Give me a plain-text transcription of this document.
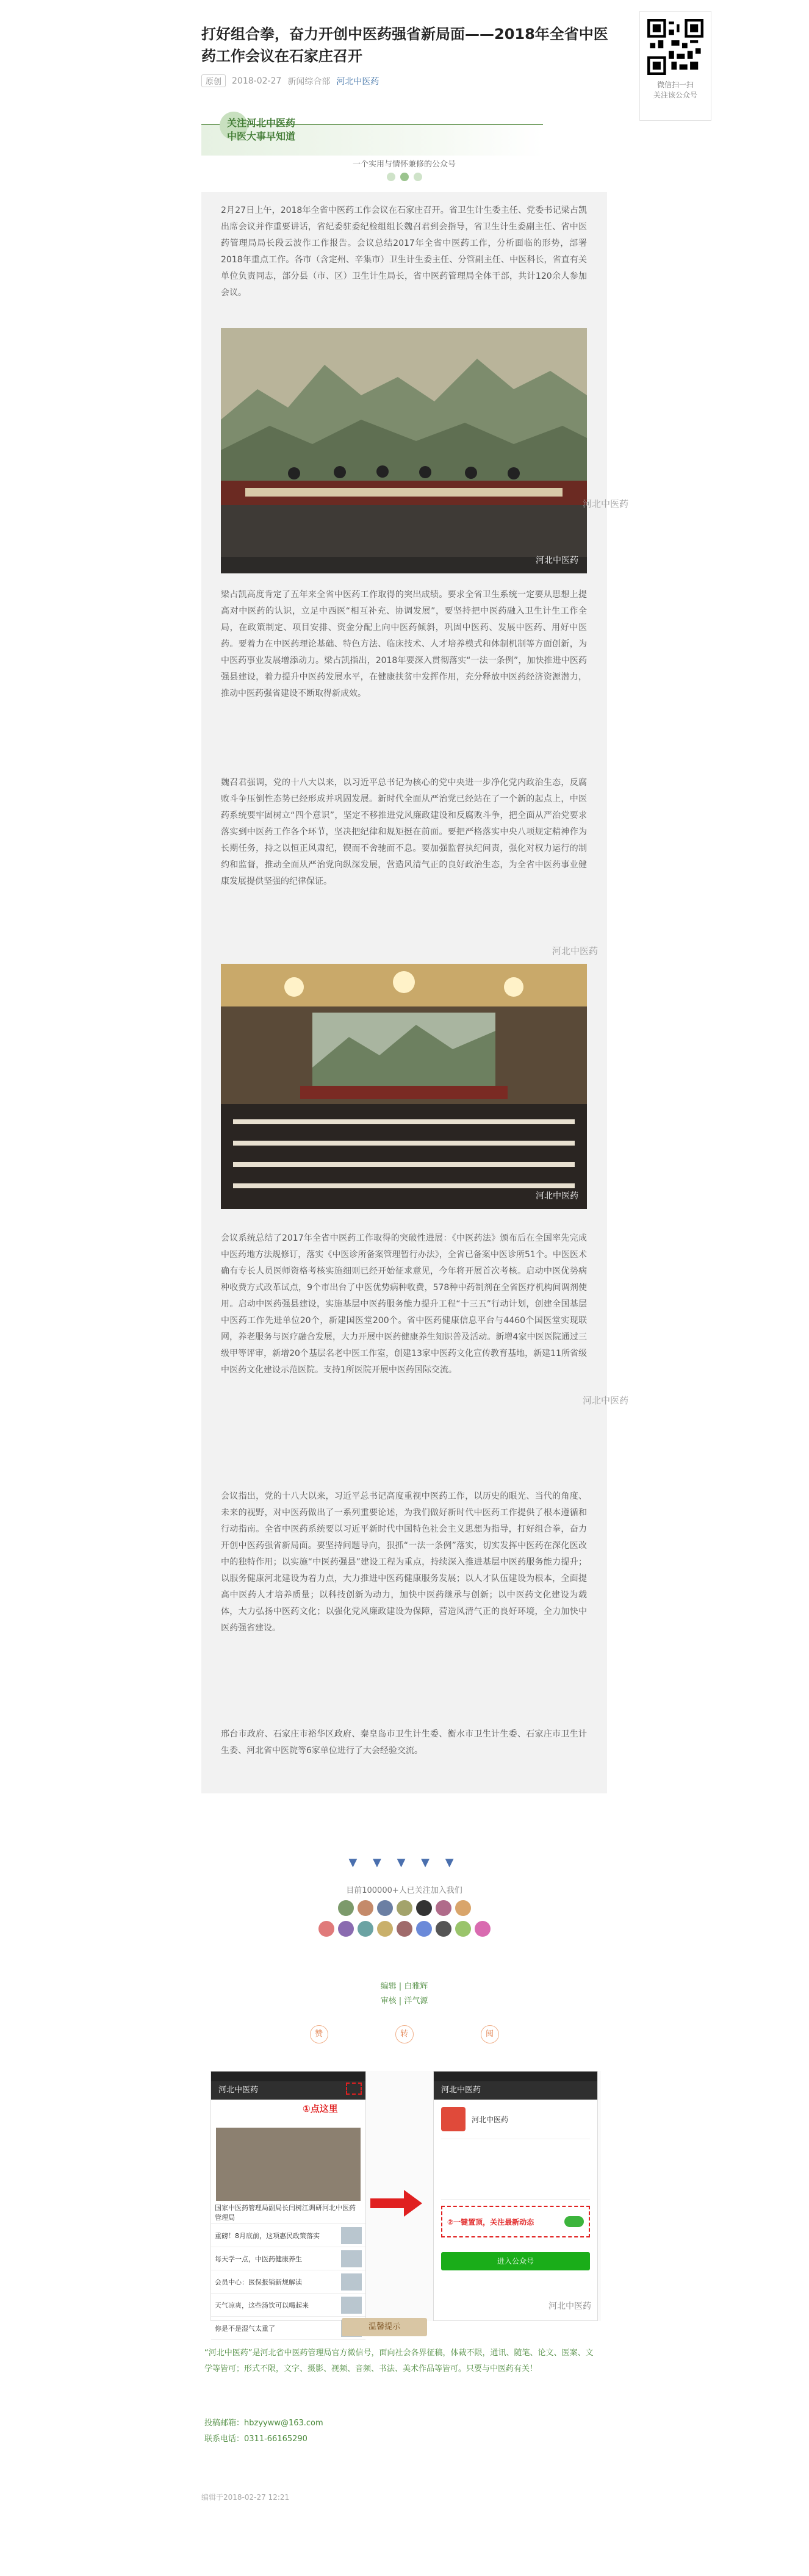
打好组合拳，奋力开创中医药强省新局面——2018年全省中医药工作会议在石家庄召开
原创	2018-02-27 新闻综合部 河北中医药	微信扫一扫
关注该公众号
关注河北中医药
中医大事早知道
一个实用与情怀兼修的公众号

2月27日上午，2018年全省中医药工作会议在石家庄召开。省卫生计生委主任、党委书记梁占凯出席会议并作重要讲话，省纪委驻委纪检组组长魏召君到会指导，省卫生计生委副主任、省中医药管理局局长段云波作工作报告。会议总结2017年全省中医药工作，分析面临的形势，部署2018年重点工作。各市（含定州、辛集市）卫生计生委主任、分管副主任、中医科长，省直有关单位负责同志，部分县（市、区）卫生计生局长，省中医药管理局全体干部，共计120余人参加会议。

河北中医药
河北中医药

梁占凯高度肯定了五年来全省中医药工作取得的突出成绩。要求全省卫生系统一定要从思想上提高对中医药的认识，立足中西医“相互补充、协调发展”，要坚持把中医药融入卫生计生工作全局，在政策制定、项目安排、资金分配上向中医药倾斜，巩固中医药、发展中医药、用好中医药。要着力在中医药理论基础、特色方法、临床技术、人才培养模式和体制机制等方面创新，为中医药事业发展增添动力。梁占凯指出，2018年要深入贯彻落实“一法一条例”，加快推进中医药强县建设，着力提升中医药发展水平，在健康扶贫中发挥作用，充分释放中医药经济资源潜力，推动中医药强省建设不断取得新成效。

魏召君强调，党的十八大以来，以习近平总书记为核心的党中央进一步净化党内政治生态，反腐败斗争压倒性态势已经形成并巩固发展。新时代全面从严治党已经站在了一个新的起点上，中医药系统要牢固树立“四个意识”，坚定不移推进党风廉政建设和反腐败斗争，把全面从严治党要求落实到中医药工作各个环节，坚决把纪律和规矩挺在前面。要把严格落实中央八项规定精神作为长期任务，持之以恒正风肃纪，锲而不舍驰而不息。要加强监督执纪问责，强化对权力运行的制约和监督，推动全面从严治党向纵深发展，营造风清气正的良好政治生态，为全省中医药事业健康发展提供坚强的纪律保证。

河北中医药
河北中医药

会议系统总结了2017年全省中医药工作取得的突破性进展：《中医药法》颁布后在全国率先完成中医药地方法规修订，落实《中医诊所备案管理暂行办法》，全省已备案中医诊所51个。中医医术确有专长人员医师资格考核实施细则已经开始征求意见，今年将开展首次考核。启动中医优势病种收费方式改革试点，9个市出台了中医优势病种收费，578种中药制剂在全省医疗机构间调剂使用。启动中医药强县建设，实施基层中医药服务能力提升工程“十三五”行动计划，创建全国基层中医药工作先进单位20个，新建国医堂200个。省中医药健康信息平台与4460个国医堂实现联网，养老服务与医疗融合发展，大力开展中医药健康养生知识普及活动。新增4家中医医院通过三级甲等评审，新增20个基层名老中医工作室，创建13家中医药文化宣传教育基地，新建11所省级中医药文化建设示范医院。支持1所医院开展中医药国际交流。

河北中医药

会议指出，党的十八大以来，习近平总书记高度重视中医药工作，以历史的眼光、当代的角度、未来的视野，对中医药做出了一系列重要论述，为我们做好新时代中医药工作提供了根本遵循和行动指南。全省中医药系统要以习近平新时代中国特色社会主义思想为指导，打好组合拳，奋力开创中医药强省新局面。要坚持问题导向，狠抓“一法一条例”落实，切实发挥中医药在深化医改中的独特作用；以实施“中医药强县”建设工程为重点，持续深入推进基层中医药服务能力提升；以服务健康河北建设为着力点，大力推进中医药健康服务发展；以人才队伍建设为根本，全面提高中医药人才培养质量；以科技创新为动力，加快中医药继承与创新；以中医药文化建设为载体，大力弘扬中医药文化；以强化党风廉政建设为保障，营造风清气正的良好环境，全力加快中医药强省建设。

邢台市政府、石家庄市裕华区政府、秦皇岛市卫生计生委、衡水市卫生计生委、石家庄市卫生计生委、河北省中医院等6家单位进行了大会经验交流。

▼ ▼ ▼ ▼ ▼
目前100000+人已关注加入我们
编辑 | 白雅辉
审核 | 洋气源
赞	转	阅
河北中医药
①点这里
国家中医药管理局副局长闫树江调研河北中医药管理局
重磅！8月底前，这项惠民政策落实
每天学一点，中医药健康养生
会员中心：医保报销新规解读
天气凉爽，这些汤饮可以喝起来
你是不是湿气太重了
河北中医药
河北中医药
②一键置顶，关注最新动态
进入公众号
河北中医药
温馨提示

“河北中医药”是河北省中医药管理局官方微信号，面向社会各界征稿，体裁不限，通讯、随笔、论文、医案、文学等皆可；形式不限，文字、摄影、视频、音频、书法、美术作品等皆可。只要与中医药有关！

投稿邮箱：hbzyyww@163.com
联系电话：0311-66165290
编辑于2018-02-27 12:21
